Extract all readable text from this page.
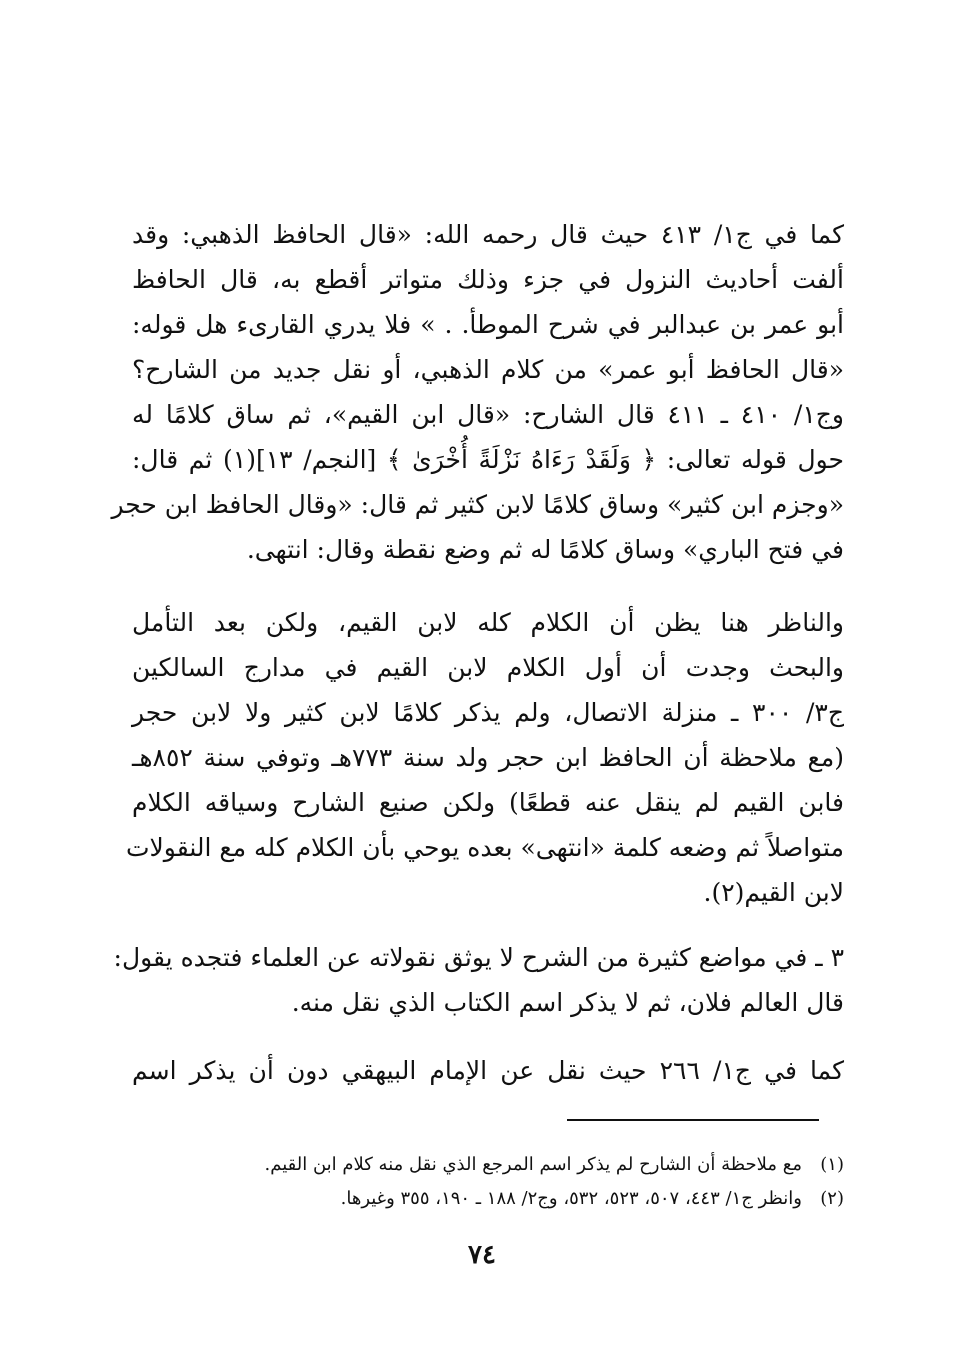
كما في ج١/ ٤١٣ حيث قال رحمه الله: «قال الحافظ الذهبي: وقد
ألفت أحاديث النزول في جزء وذلك متواتر أقطع به، قال الحافظ
أبو عمر بن عبدالبر في شرح الموطأ. . » فلا يدري القارىء هل قوله:
«قال الحافظ أبو عمر» من كلام الذهبي، أو نقل جديد من الشارح؟
وج١/ ٤١٠ ـ ٤١١ قال الشارح: «قال ابن القيم»، ثم ساق كلامًا له
حول قوله تعالى: ﴿ وَلَقَدْ رَءَاهُ نَزْلَةً أُخْرَىٰ ﴾ [النجم/ ١٣](١) ثم قال:
«وجزم ابن كثير» وساق كلامًا لابن كثير ثم قال: «وقال الحافظ ابن حجر
في فتح الباري» وساق كلامًا له ثم وضع نقطة وقال: انتهى.
والناظر هنا يظن أن الكلام كله لابن القيم، ولكن بعد التأمل
والبحث وجدت أن أول الكلام لابن القيم في مدارج السالكين
ج٣/ ٣٠٠ ـ منزلة الاتصال، ولم يذكر كلامًا لابن كثير ولا لابن حجر
(مع ملاحظة أن الحافظ ابن حجر ولد سنة ٧٧٣هـ وتوفي سنة ٨٥٢هـ
فابن القيم لم ينقل عنه قطعًا) ولكن صنيع الشارح وسياقه الكلام
متواصلاً ثم وضعه كلمة «انتهى» بعده يوحي بأن الكلام كله مع النقولات
لابن القيم(٢).
٣ ـ في مواضع كثيرة من الشرح لا يوثق نقولاته عن العلماء فتجده يقول:
قال العالم فلان، ثم لا يذكر اسم الكتاب الذي نقل منه.
كما في ج١/ ٢٦٦ حيث نقل عن الإمام البيهقي دون أن يذكر اسم
(١)
مع ملاحظة أن الشارح لم يذكر اسم المرجع الذي نقل منه كلام ابن القيم.
(٢)
وانظر ج١/ ٤٤٣، ٥٠٧، ٥٢٣، ٥٣٢، وج٢/ ١٨٨ ـ ١٩٠، ٣٥٥ وغيرها.
٧٤
